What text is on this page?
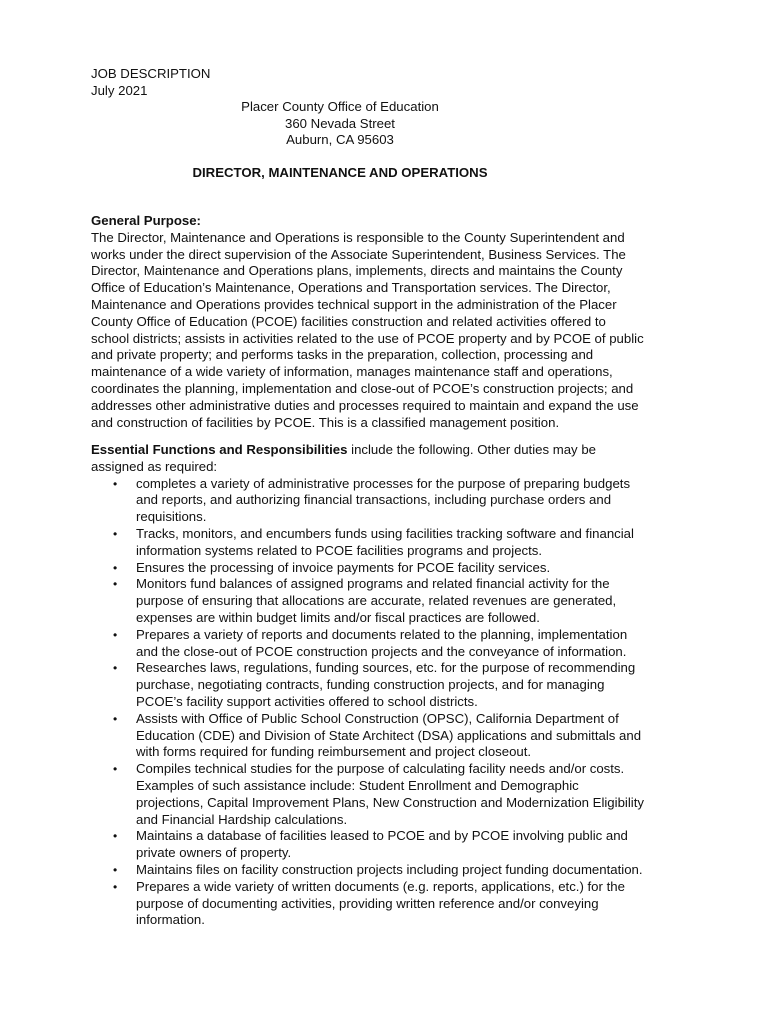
JOB DESCRIPTION
July 2021
Placer County Office of Education
360 Nevada Street
Auburn, CA 95603
DIRECTOR, MAINTENANCE AND OPERATIONS
General Purpose:
The Director, Maintenance and Operations is responsible to the County Superintendent and
works under the direct supervision of the Associate Superintendent, Business Services. The
Director, Maintenance and Operations plans, implements, directs and maintains the County
Office of Education’s Maintenance, Operations and Transportation services. The Director,
Maintenance and Operations provides technical support in the administration of the Placer
County Office of Education (PCOE) facilities construction and related activities offered to
school districts; assists in activities related to the use of PCOE property and by PCOE of public
and private property; and performs tasks in the preparation, collection, processing and
maintenance of a wide variety of information, manages maintenance staff and operations,
coordinates the planning, implementation and close-out of PCOE’s construction projects; and
addresses other administrative duties and processes required to maintain and expand the use
and construction of facilities by PCOE. This is a classified management position.
Essential Functions and Responsibilities include the following. Other duties may be
assigned as required:
• completes a variety of administrative processes for the purpose of preparing budgets
and reports, and authorizing financial transactions, including purchase orders and
requisitions.
• Tracks, monitors, and encumbers funds using facilities tracking software and financial
information systems related to PCOE facilities programs and projects.
• Ensures the processing of invoice payments for PCOE facility services.
• Monitors fund balances of assigned programs and related financial activity for the
purpose of ensuring that allocations are accurate, related revenues are generated,
expenses are within budget limits and/or fiscal practices are followed.
• Prepares a variety of reports and documents related to the planning, implementation
and the close-out of PCOE construction projects and the conveyance of information.
• Researches laws, regulations, funding sources, etc. for the purpose of recommending
purchase, negotiating contracts, funding construction projects, and for managing
PCOE’s facility support activities offered to school districts.
• Assists with Office of Public School Construction (OPSC), California Department of
Education (CDE) and Division of State Architect (DSA) applications and submittals and
with forms required for funding reimbursement and project closeout.
• Compiles technical studies for the purpose of calculating facility needs and/or costs.
Examples of such assistance include: Student Enrollment and Demographic
projections, Capital Improvement Plans, New Construction and Modernization Eligibility
and Financial Hardship calculations.
• Maintains a database of facilities leased to PCOE and by PCOE involving public and
private owners of property.
• Maintains files on facility construction projects including project funding documentation.
• Prepares a wide variety of written documents (e.g. reports, applications, etc.) for the
purpose of documenting activities, providing written reference and/or conveying
information.
